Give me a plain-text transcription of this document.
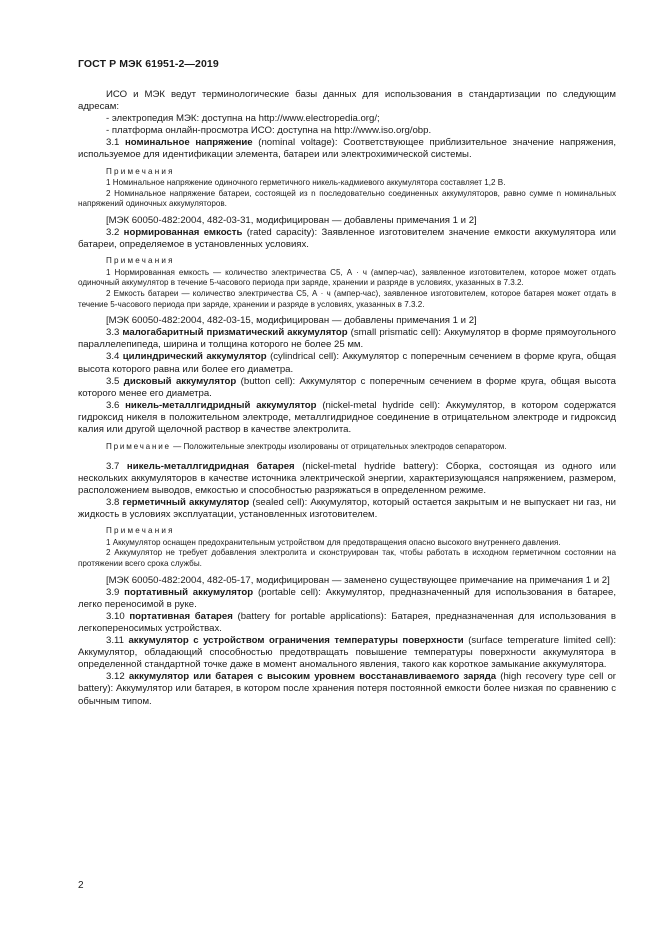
ГОСТ Р МЭК 61951-2—2019

ИСО и МЭК ведут терминологические базы данных для использования в стандартизации по следующим адресам:

- электропедия МЭК: доступна на http://www.electropedia.org/;

- платформа онлайн-просмотра ИСО: доступна на http://www.iso.org/obp.

3.1 номинальное напряжение (nominal voltage): Соответствующее приблизительное значение напряжения, используемое для идентификации элемента, батареи или электрохимической системы.

Примечания

1 Номинальное напряжение одиночного герметичного никель-кадмиевого аккумулятора составляет 1,2 В.

2 Номинальное напряжение батареи, состоящей из n последовательно соединенных аккумуляторов, равно сумме n номинальных напряжений одиночных аккумуляторов.

[МЭК 60050-482:2004, 482-03-31, модифицирован — добавлены примечания 1 и 2]

3.2 нормированная емкость (rated capacity): Заявленное изготовителем значение емкости аккумулятора или батареи, определяемое в установленных условиях.

Примечания

1 Нормированная емкость — количество электричества C5, А · ч (ампер-час), заявленное изготовителем, которое может отдать одиночный аккумулятор в течение 5-часового периода при заряде, хранении и разряде в условиях, указанных в 7.3.2.

2 Емкость батареи — количество электричества C5, А · ч (ампер-час), заявленное изготовителем, которое батарея может отдать в течение 5-часового периода при заряде, хранении и разряде в условиях, указанных в 7.3.2.

[МЭК 60050-482:2004, 482-03-15, модифицирован — добавлены примечания 1 и 2]

3.3 малогабаритный призматический аккумулятор (small prismatic cell): Аккумулятор в форме прямоугольного параллелепипеда, ширина и толщина которого не более 25 мм.

3.4 цилиндрический аккумулятор (cylindrical cell): Аккумулятор с поперечным сечением в форме круга, общая высота которого равна или более его диаметра.

3.5 дисковый аккумулятор (button cell): Аккумулятор с поперечным сечением в форме круга, общая высота которого менее его диаметра.

3.6 никель-металлгидридный аккумулятор (nickel-metal hydride cell): Аккумулятор, в котором содержатся гидроксид никеля в положительном электроде, металлгидридное соединение в отрицательном электроде и гидроксид калия или другой щелочной раствор в качестве электролита.

Примечание — Положительные электроды изолированы от отрицательных электродов сепаратором.

3.7 никель-металлгидридная батарея (nickel-metal hydride battery): Сборка, состоящая из одного или нескольких аккумуляторов в качестве источника электрической энергии, характеризующаяся напряжением, размером, расположением выводов, емкостью и способностью разряжаться в определенном режиме.

3.8 герметичный аккумулятор (sealed cell): Аккумулятор, который остается закрытым и не выпускает ни газ, ни жидкость в условиях эксплуатации, установленных изготовителем.

Примечания

1 Аккумулятор оснащен предохранительным устройством для предотвращения опасно высокого внутреннего давления.

2 Аккумулятор не требует добавления электролита и сконструирован так, чтобы работать в исходном герметичном состоянии на протяжении всего срока службы.

[МЭК 60050-482:2004, 482-05-17, модифицирован — заменено существующее примечание на примечания 1 и 2]

3.9 портативный аккумулятор (portable cell): Аккумулятор, предназначенный для использования в батарее, легко переносимой в руке.

3.10 портативная батарея (battery for portable applications): Батарея, предназначенная для использования в легкопереносимых устройствах.

3.11 аккумулятор с устройством ограничения температуры поверхности (surface temperature limited cell): Аккумулятор, обладающий способностью предотвращать повышение температуры поверхности аккумулятора в определенной стандартной точке даже в момент аномального явления, такого как короткое замыкание аккумулятора.

3.12 аккумулятор или батарея с высоким уровнем восстанавливаемого заряда (high recovery type cell or battery): Аккумулятор или батарея, в котором после хранения потеря постоянной емкости более низкая по сравнению с обычным типом.

2
